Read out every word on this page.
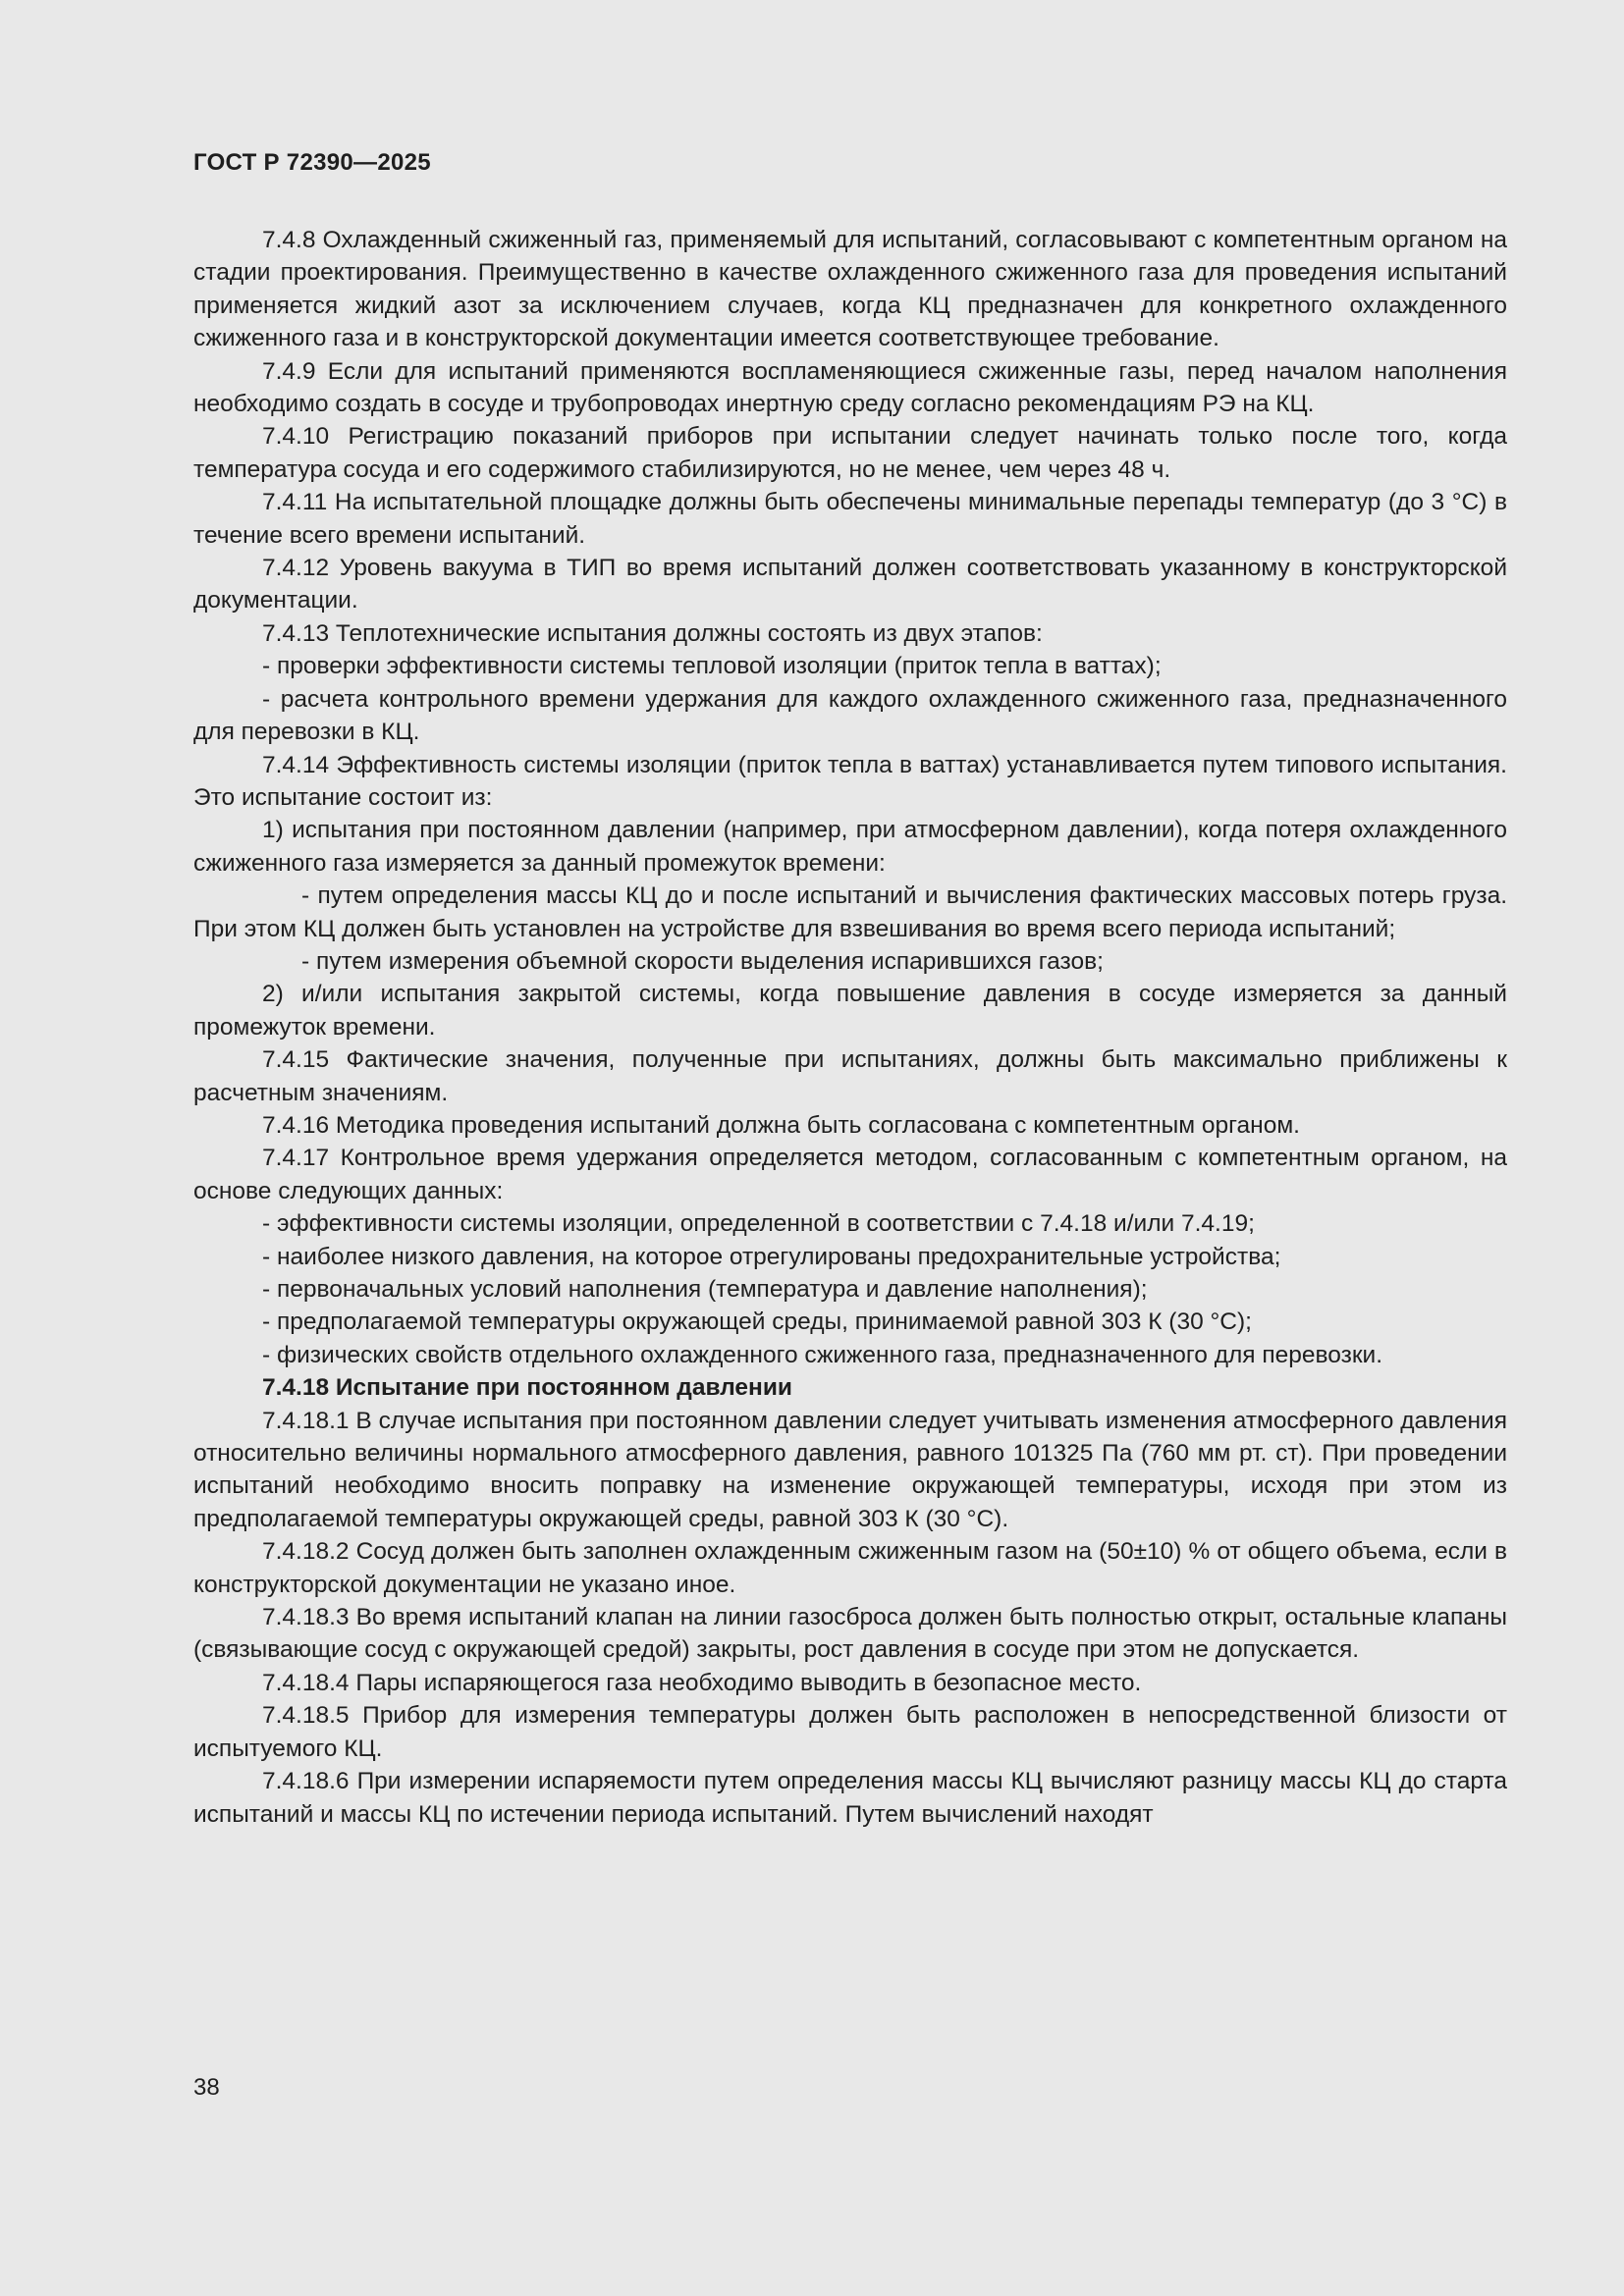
ГОСТ Р 72390—2025

7.4.8 Охлажденный сжиженный газ, применяемый для испытаний, согласовывают с компетентным органом на стадии проектирования. Преимущественно в качестве охлажденного сжиженного газа для проведения испытаний применяется жидкий азот за исключением случаев, когда КЦ предназначен для конкретного охлажденного сжиженного газа и в конструкторской документации имеется соответствующее требование.

7.4.9 Если для испытаний применяются воспламеняющиеся сжиженные газы, перед началом наполнения необходимо создать в сосуде и трубопроводах инертную среду согласно рекомендациям РЭ на КЦ.

7.4.10 Регистрацию показаний приборов при испытании следует начинать только после того, когда температура сосуда и его содержимого стабилизируются, но не менее, чем через 48 ч.

7.4.11 На испытательной площадке должны быть обеспечены минимальные перепады температур (до 3 °С) в течение всего времени испытаний.

7.4.12 Уровень вакуума в ТИП во время испытаний должен соответствовать указанному в конструкторской документации.

7.4.13 Теплотехнические испытания должны состоять из двух этапов:

- проверки эффективности системы тепловой изоляции (приток тепла в ваттах);

- расчета контрольного времени удержания для каждого охлажденного сжиженного газа, предназначенного для перевозки в КЦ.

7.4.14 Эффективность системы изоляции (приток тепла в ваттах) устанавливается путем типового испытания. Это испытание состоит из:

1) испытания при постоянном давлении (например, при атмосферном давлении), когда потеря охлажденного сжиженного газа измеряется за данный промежуток времени:

- путем определения массы КЦ до и после испытаний и вычисления фактических массовых потерь груза. При этом КЦ должен быть установлен на устройстве для взвешивания во время всего периода испытаний;

- путем измерения объемной скорости выделения испарившихся газов;

2) и/или испытания закрытой системы, когда повышение давления в сосуде измеряется за данный промежуток времени.

7.4.15 Фактические значения, полученные при испытаниях, должны быть максимально приближены к расчетным значениям.

7.4.16 Методика проведения испытаний должна быть согласована с компетентным органом.

7.4.17 Контрольное время удержания определяется методом, согласованным с компетентным органом, на основе следующих данных:

- эффективности системы изоляции, определенной в соответствии с 7.4.18 и/или 7.4.19;

- наиболее низкого давления, на которое отрегулированы предохранительные устройства;

- первоначальных условий наполнения (температура и давление наполнения);

- предполагаемой температуры окружающей среды, принимаемой равной 303 К (30 °С);

- физических свойств отдельного охлажденного сжиженного газа, предназначенного для перевозки.

7.4.18 Испытание при постоянном давлении

7.4.18.1 В случае испытания при постоянном давлении следует учитывать изменения атмосферного давления относительно величины нормального атмосферного давления, равного 101325 Па (760 мм рт. ст). При проведении испытаний необходимо вносить поправку на изменение окружающей температуры, исходя при этом из предполагаемой температуры окружающей среды, равной 303 К (30 °С).

7.4.18.2 Сосуд должен быть заполнен охлажденным сжиженным газом на (50±10) % от общего объема, если в конструкторской документации не указано иное.

7.4.18.3 Во время испытаний клапан на линии газосброса должен быть полностью открыт, остальные клапаны (связывающие сосуд с окружающей средой) закрыты, рост давления в сосуде при этом не допускается.

7.4.18.4 Пары испаряющегося газа необходимо выводить в безопасное место.

7.4.18.5 Прибор для измерения температуры должен быть расположен в непосредственной близости от испытуемого КЦ.

7.4.18.6 При измерении испаряемости путем определения массы КЦ вычисляют разницу массы КЦ до старта испытаний и массы КЦ по истечении периода испытаний. Путем вычислений находят

38
